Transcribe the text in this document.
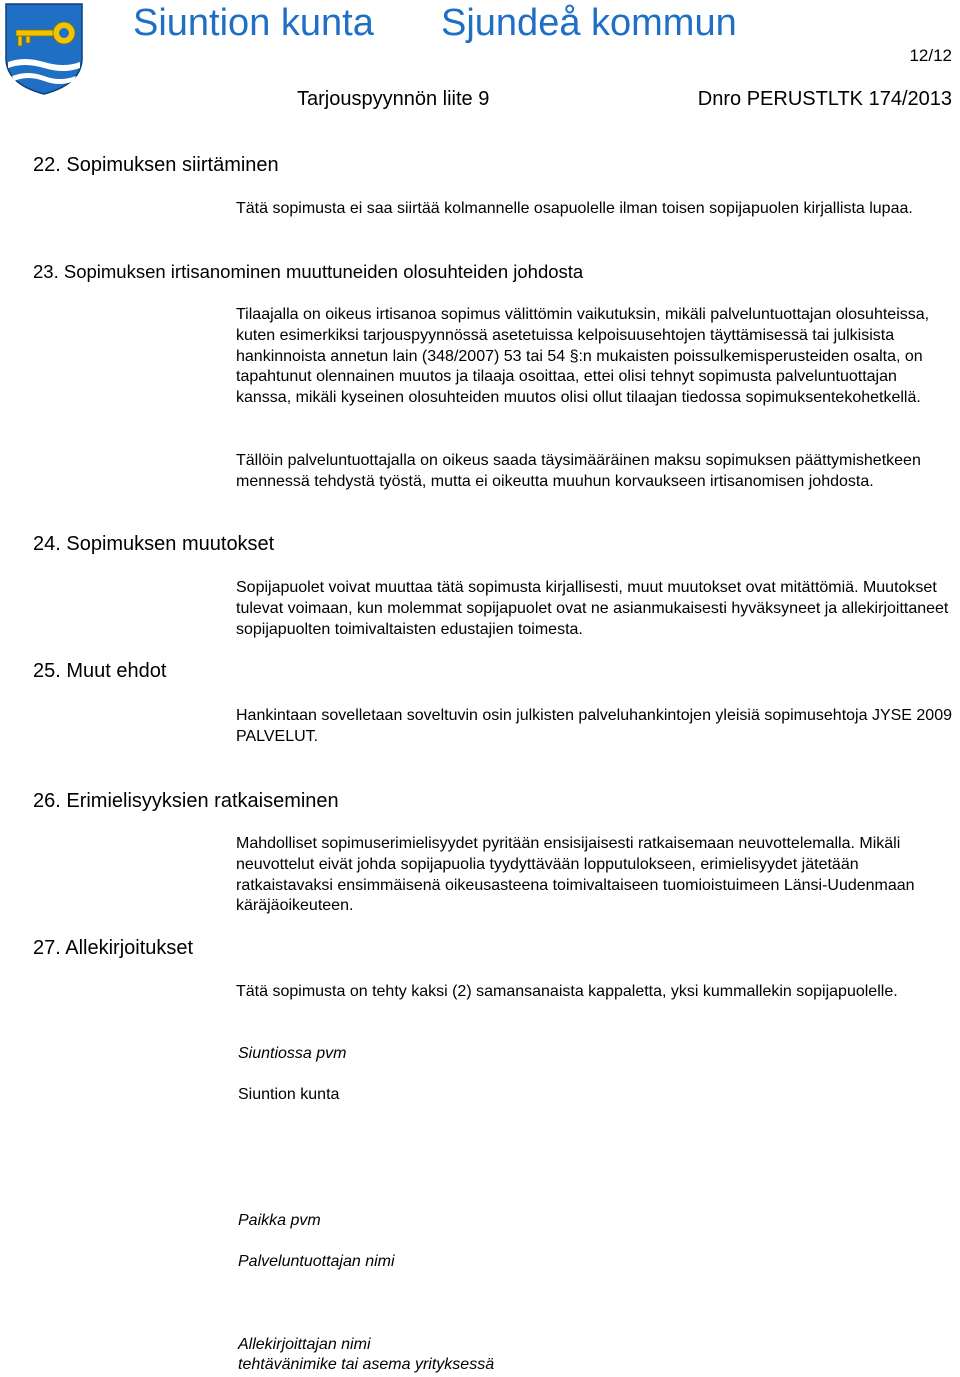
Siuntion kunta Sjundeå kommun
12/12
Tarjouspyynnön liite 9	Dnro PERUSTLTK 174/2013
22. Sopimuksen siirtäminen

Tätä sopimusta ei saa siirtää kolmannelle osapuolelle ilman toisen sopijapuolen kirjallista lupaa.

23. Sopimuksen irtisanominen muuttuneiden olosuhteiden johdosta

Tilaajalla on oikeus irtisanoa sopimus välittömin vaikutuksin, mikäli palveluntuottajan olosuhteissa, kuten esimerkiksi tarjouspyynnössä asetetuissa kelpoisuusehtojen täyttämisessä tai julkisista hankinnoista annetun lain (348/2007) 53 tai 54 §:n mukaisten poissulkemisperusteiden osalta, on tapahtunut olennainen muutos ja tilaaja osoittaa, ettei olisi tehnyt sopimusta palveluntuottajan kanssa, mikäli kyseinen olosuhteiden muutos olisi ollut tilaajan tiedossa sopimuksentekohetkellä.

Tällöin palveluntuottajalla on oikeus saada täysimääräinen maksu sopimuksen päättymishetkeen mennessä tehdystä työstä, mutta ei oikeutta muuhun korvaukseen irtisanomisen johdosta.

24. Sopimuksen muutokset

Sopijapuolet voivat muuttaa tätä sopimusta kirjallisesti, muut muutokset ovat mitättömiä. Muutokset tulevat voimaan, kun molemmat sopijapuolet ovat ne asianmukaisesti hyväksyneet ja allekirjoittaneet sopijapuolten toimivaltaisten edustajien toimesta.

25. Muut ehdot

Hankintaan sovelletaan soveltuvin osin julkisten palveluhankintojen yleisiä sopimusehtoja JYSE 2009 PALVELUT.

26. Erimielisyyksien ratkaiseminen

Mahdolliset sopimuserimielisyydet pyritään ensisijaisesti ratkaisemaan neuvottelemalla. Mikäli neuvottelut eivät johda sopijapuolia tyydyttävään lopputulokseen, erimielisyydet jätetään ratkaistavaksi ensimmäisenä oikeusasteena toimivaltaiseen tuomioistuimeen Länsi-Uudenmaan käräjäoikeuteen.

27. Allekirjoitukset

Tätä sopimusta on tehty kaksi (2) samansanaista kappaletta, yksi kummallekin sopijapuolelle.

Siuntiossa pvm
Siuntion kunta
Paikka pvm
Palveluntuottajan nimi
Allekirjoittajan nimi
tehtävänimike tai asema yrityksessä
